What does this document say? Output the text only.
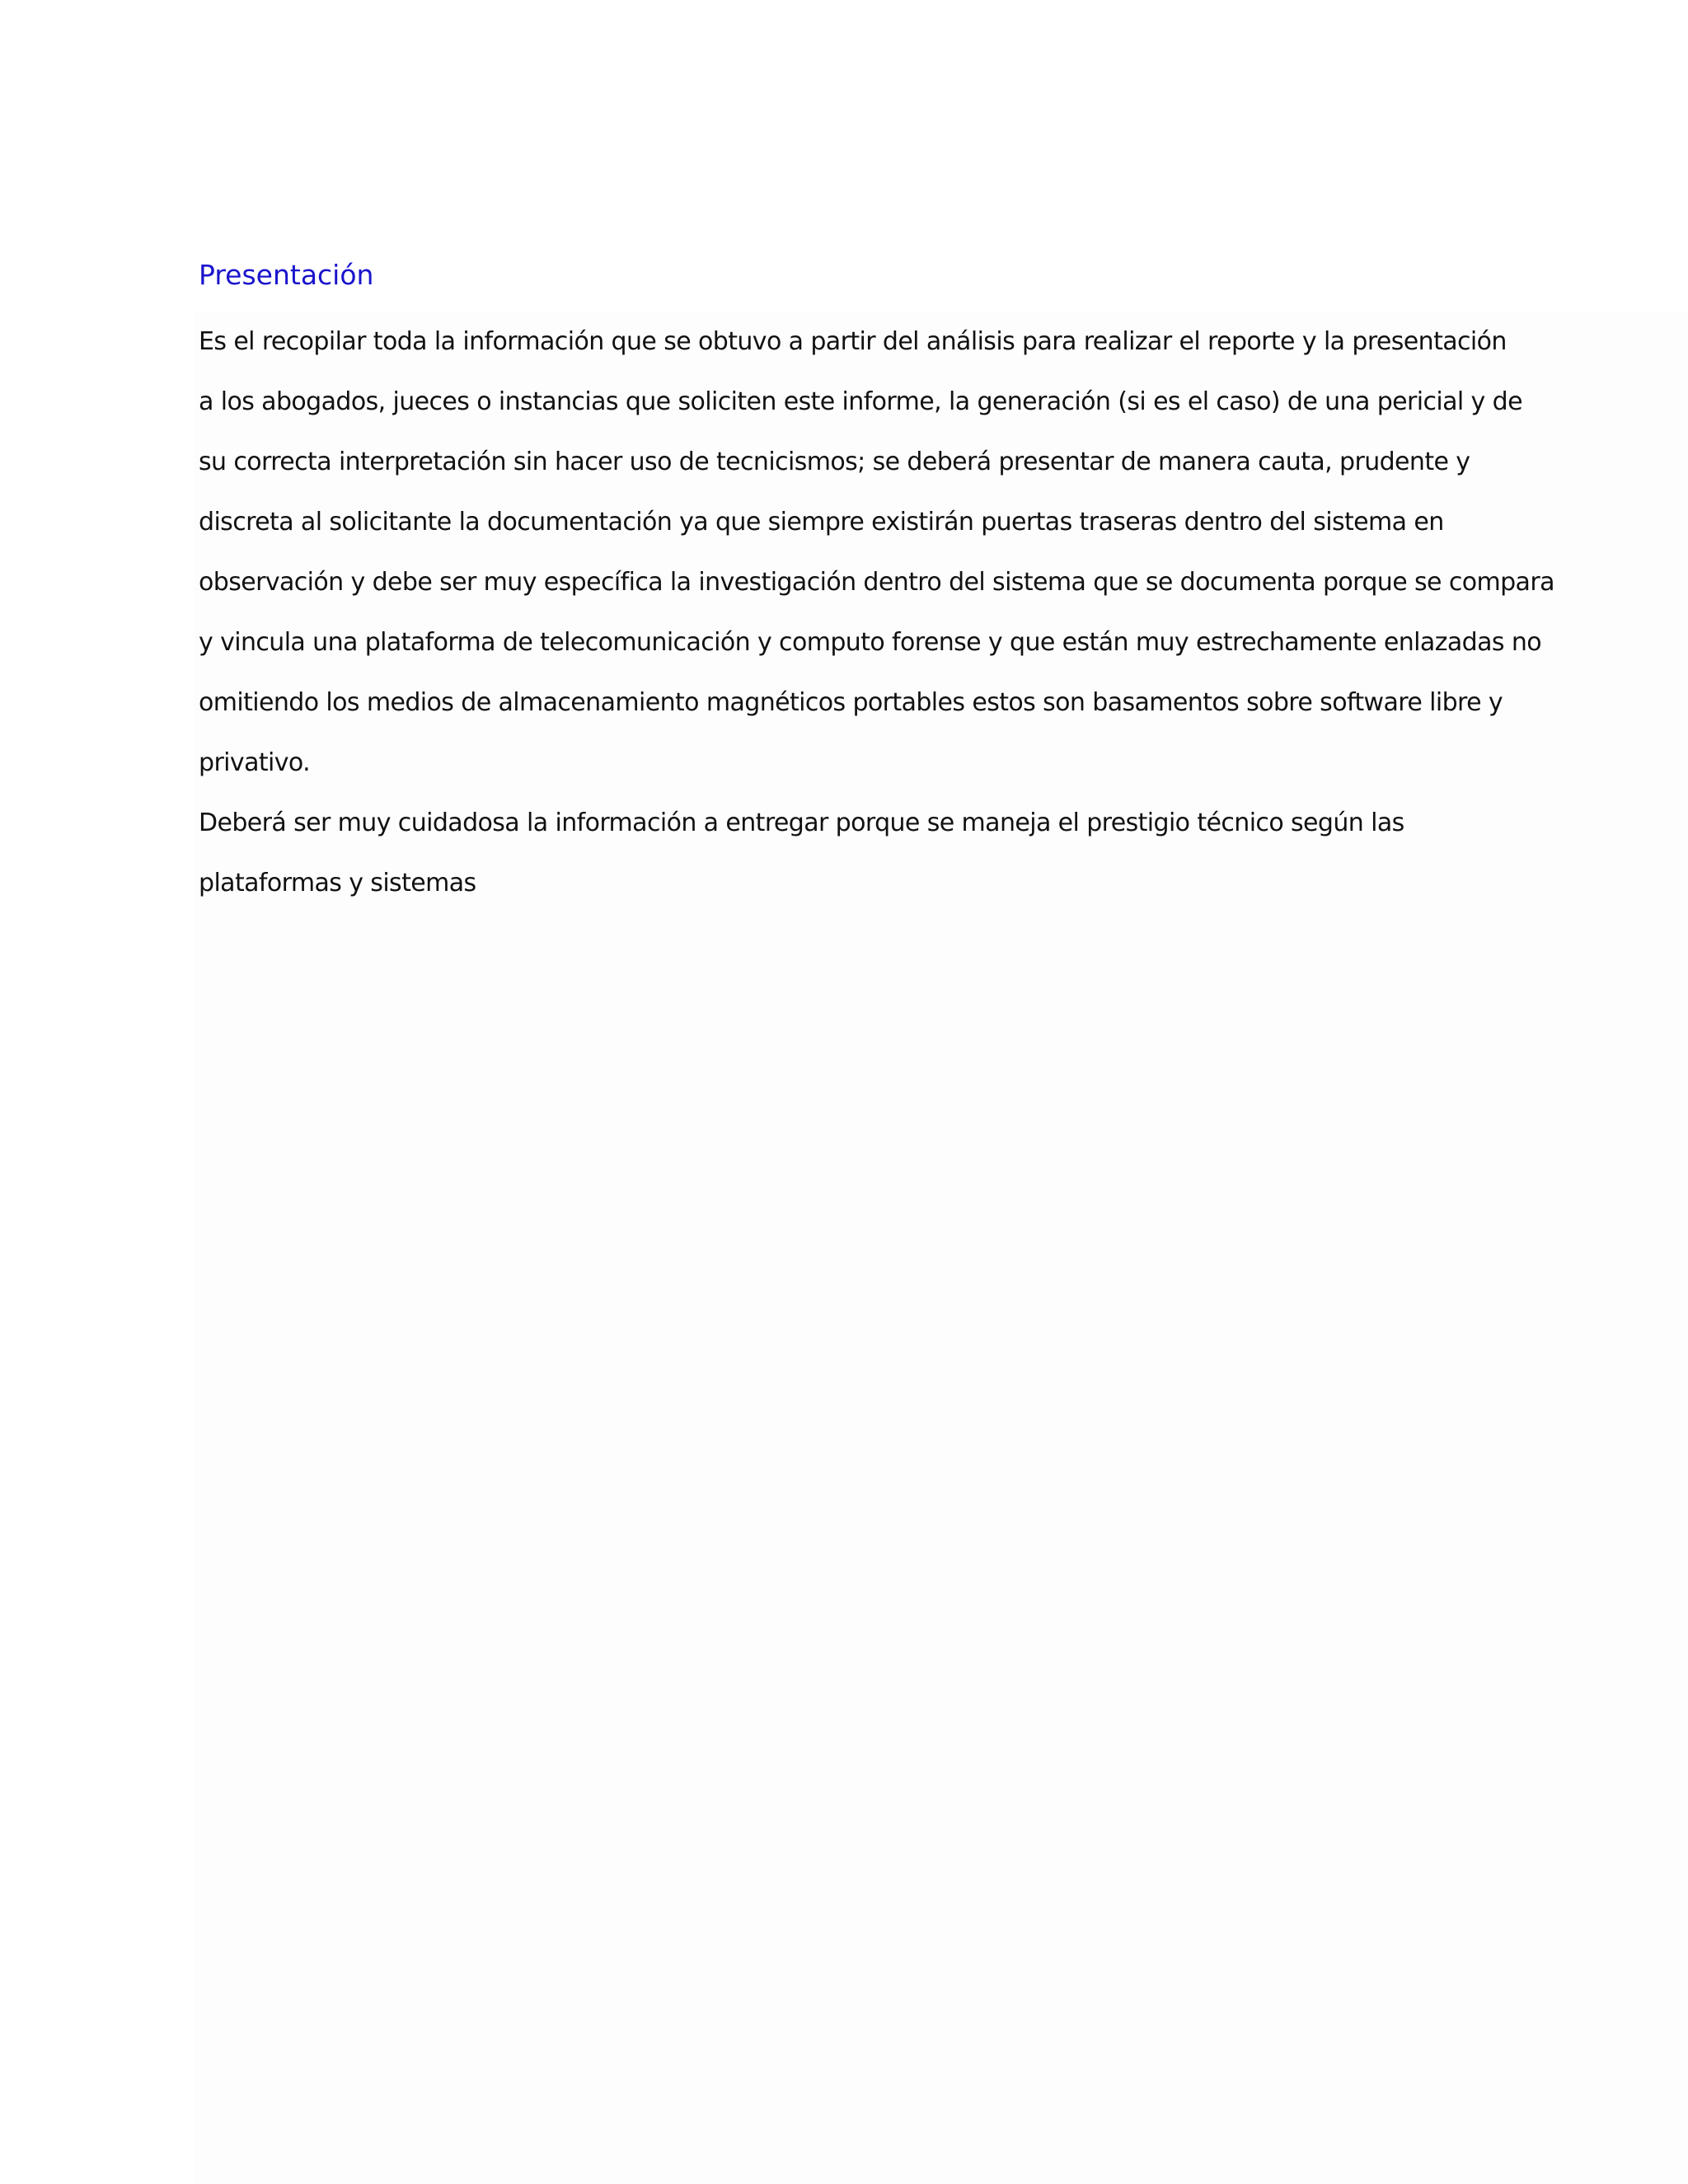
Presentación

Es el recopilar toda la información que se obtuvo a partir del análisis para realizar el reporte y la presentación

a los abogados, jueces o instancias que soliciten este informe, la generación (si es el caso) de una pericial y de

su correcta interpretación sin hacer uso de tecnicismos; se deberá presentar de manera cauta, prudente y

discreta al solicitante la documentación ya que siempre existirán puertas traseras dentro del sistema en

observación y debe ser muy específica la investigación dentro del sistema que se documenta porque se compara

y vincula una plataforma de telecomunicación y computo forense y que están muy estrechamente enlazadas no

omitiendo los medios de almacenamiento magnéticos portables estos son basamentos sobre software libre y

privativo.

Deberá ser muy cuidadosa la información a entregar porque se maneja el prestigio técnico según las

plataformas y sistemas
